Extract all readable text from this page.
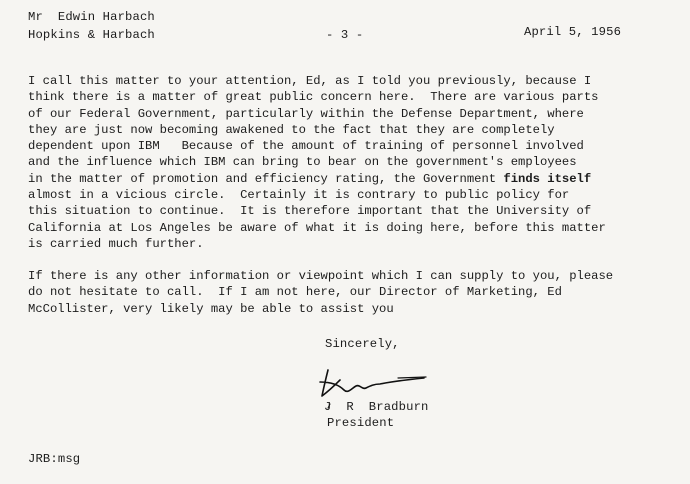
Mr  Edwin Harbach
Hopkins & Harbach	- 3 -	April 5, 1956
I call this matter to your attention, Ed, as I told you previously, because I
think there is a matter of great public concern here.  There are various parts
of our Federal Government, particularly within the Defense Department, where
they are just now becoming awakened to the fact that they are completely
dependent upon IBM   Because of the amount of training of personnel involved
and the influence which IBM can bring to bear on the government's employees
in the matter of promotion and efficiency rating, the Government finds itself
almost in a vicious circle.  Certainly it is contrary to public policy for
this situation to continue.  It is therefore important that the University of
California at Los Angeles be aware of what it is doing here, before this matter
is carried much further.
If there is any other information or viewpoint which I can supply to you, please
do not hesitate to call.  If I am not here, our Director of Marketing, Ed
McCollister, very likely may be able to assist you
Sincerely,
J  R  Bradburn
President
JRB:msg
